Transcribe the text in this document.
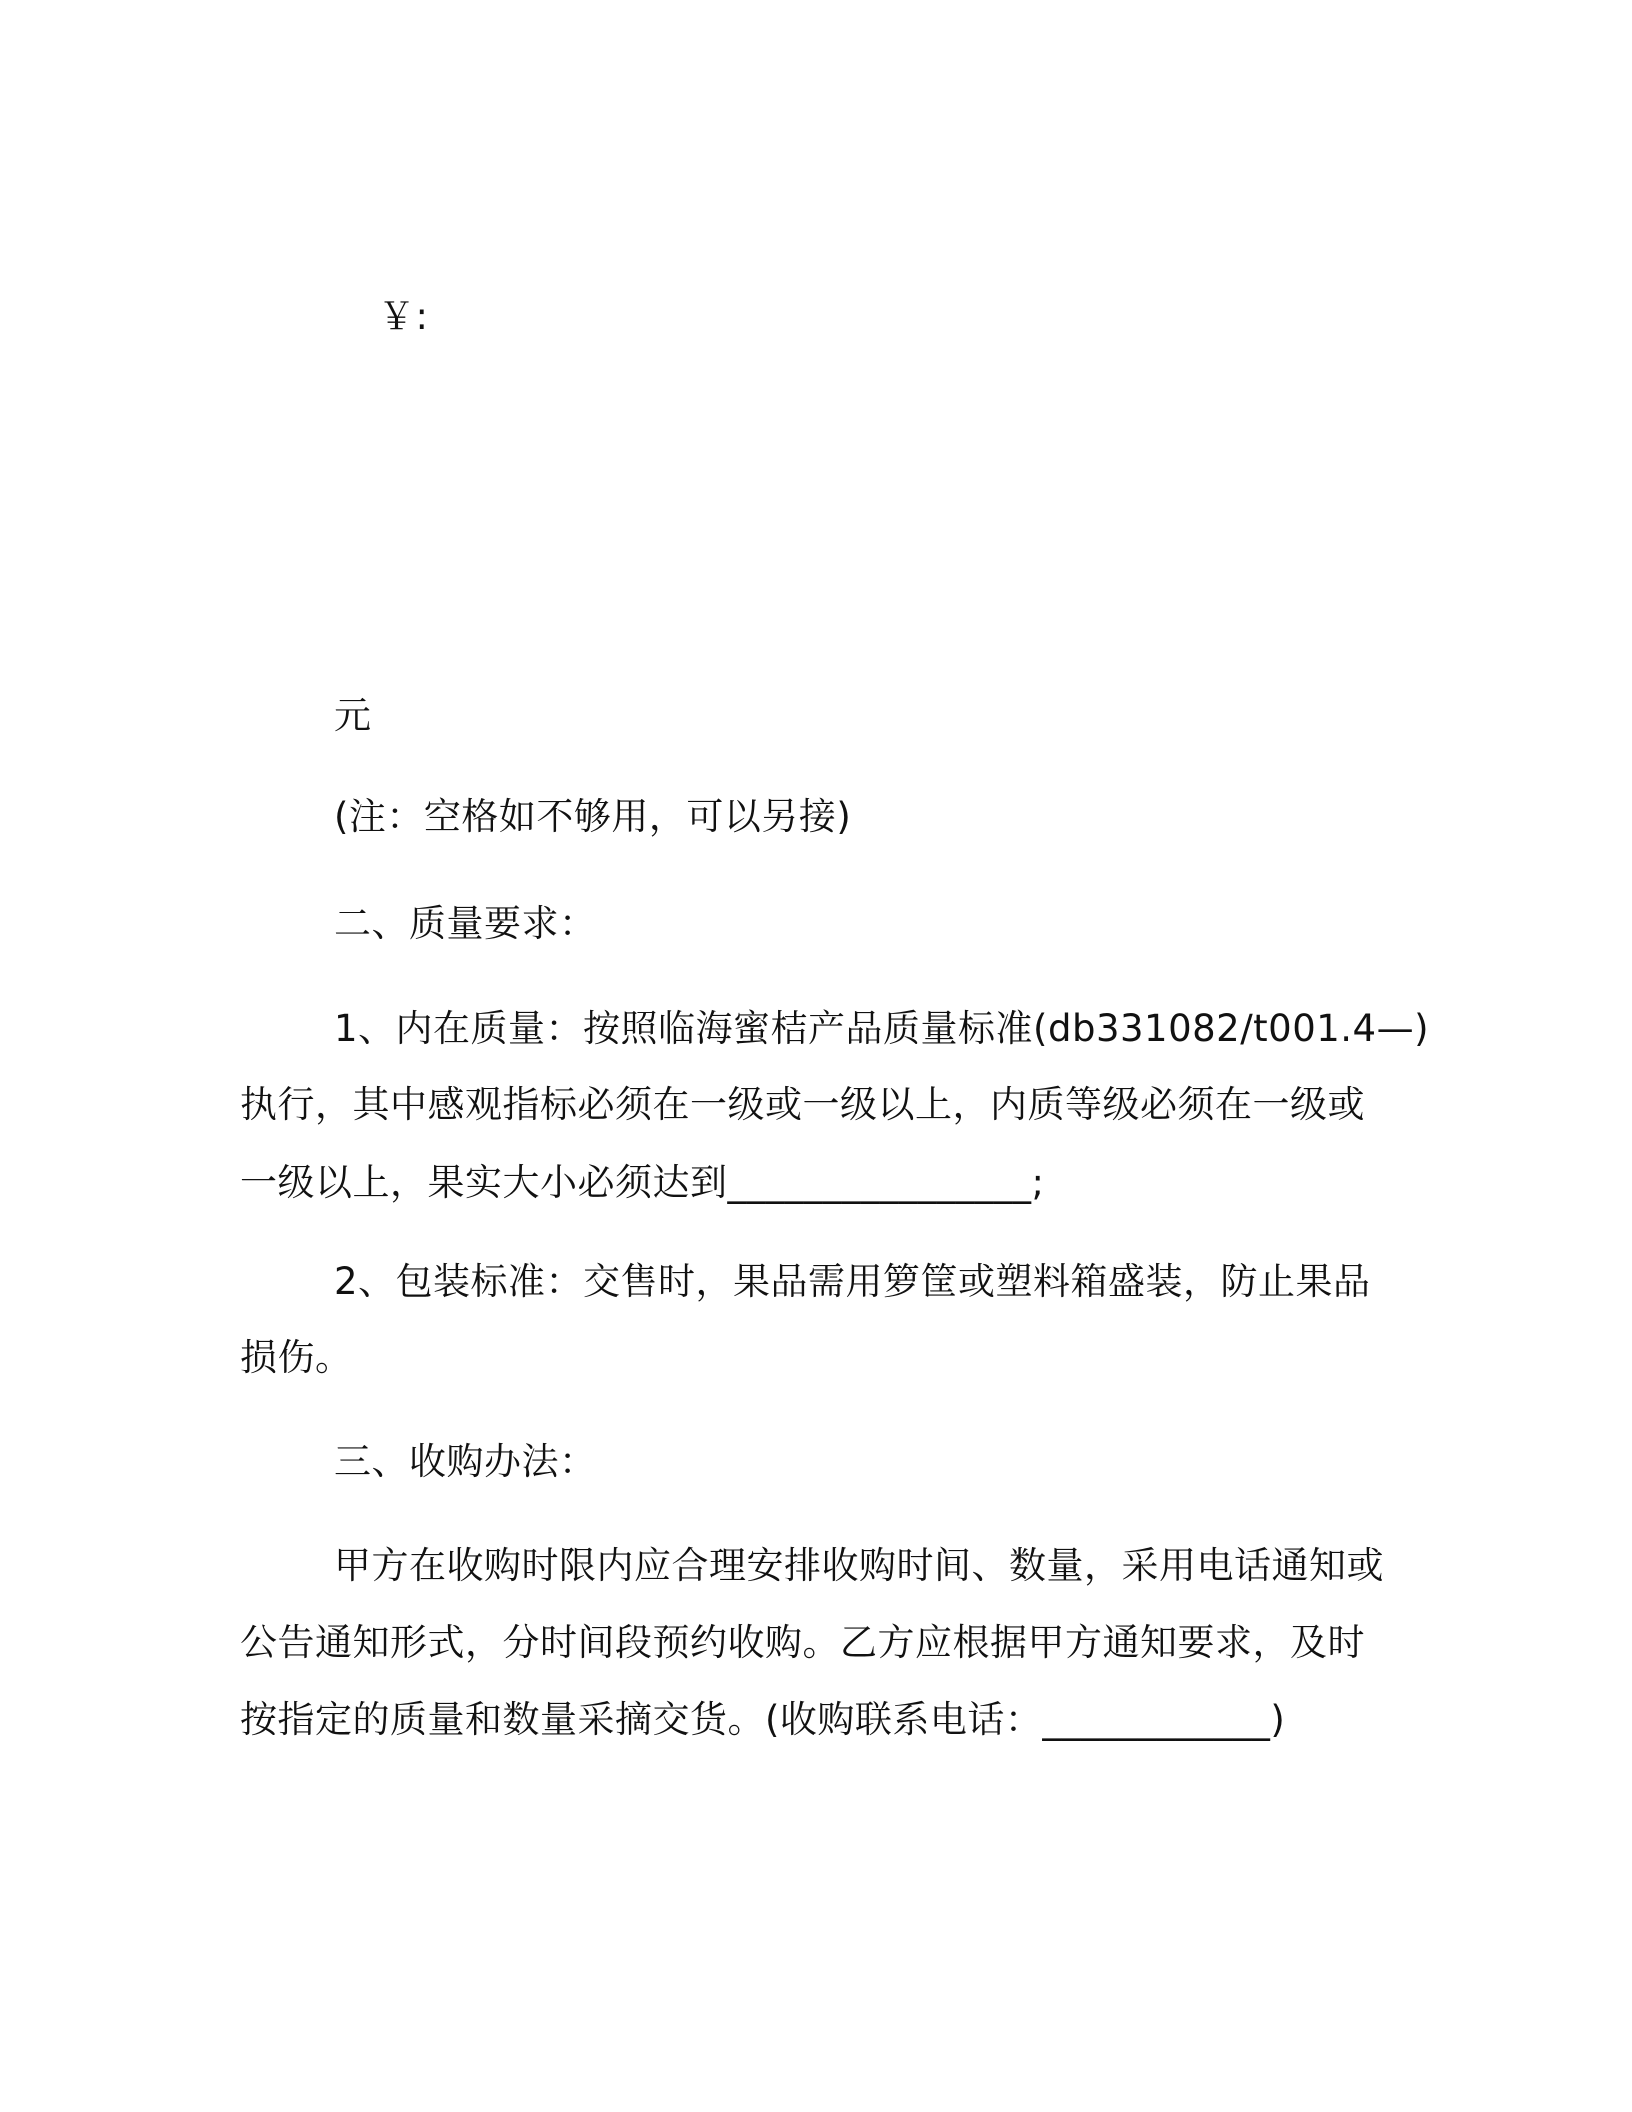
￥:
元
(注：空格如不够用，可以另接)
二、质量要求：
1、内在质量：按照临海蜜桔产品质量标准(db331082/t001.4—)
执行，其中感观指标必须在一级或一级以上，内质等级必须在一级或
一级以上，果实大小必须达到________________;
2、包装标准：交售时，果品需用箩筐或塑料箱盛装，防止果品
损伤。
三、收购办法：
甲方在收购时限内应合理安排收购时间、数量，采用电话通知或
公告通知形式，分时间段预约收购。乙方应根据甲方通知要求，及时
按指定的质量和数量采摘交货。(收购联系电话：____________)
